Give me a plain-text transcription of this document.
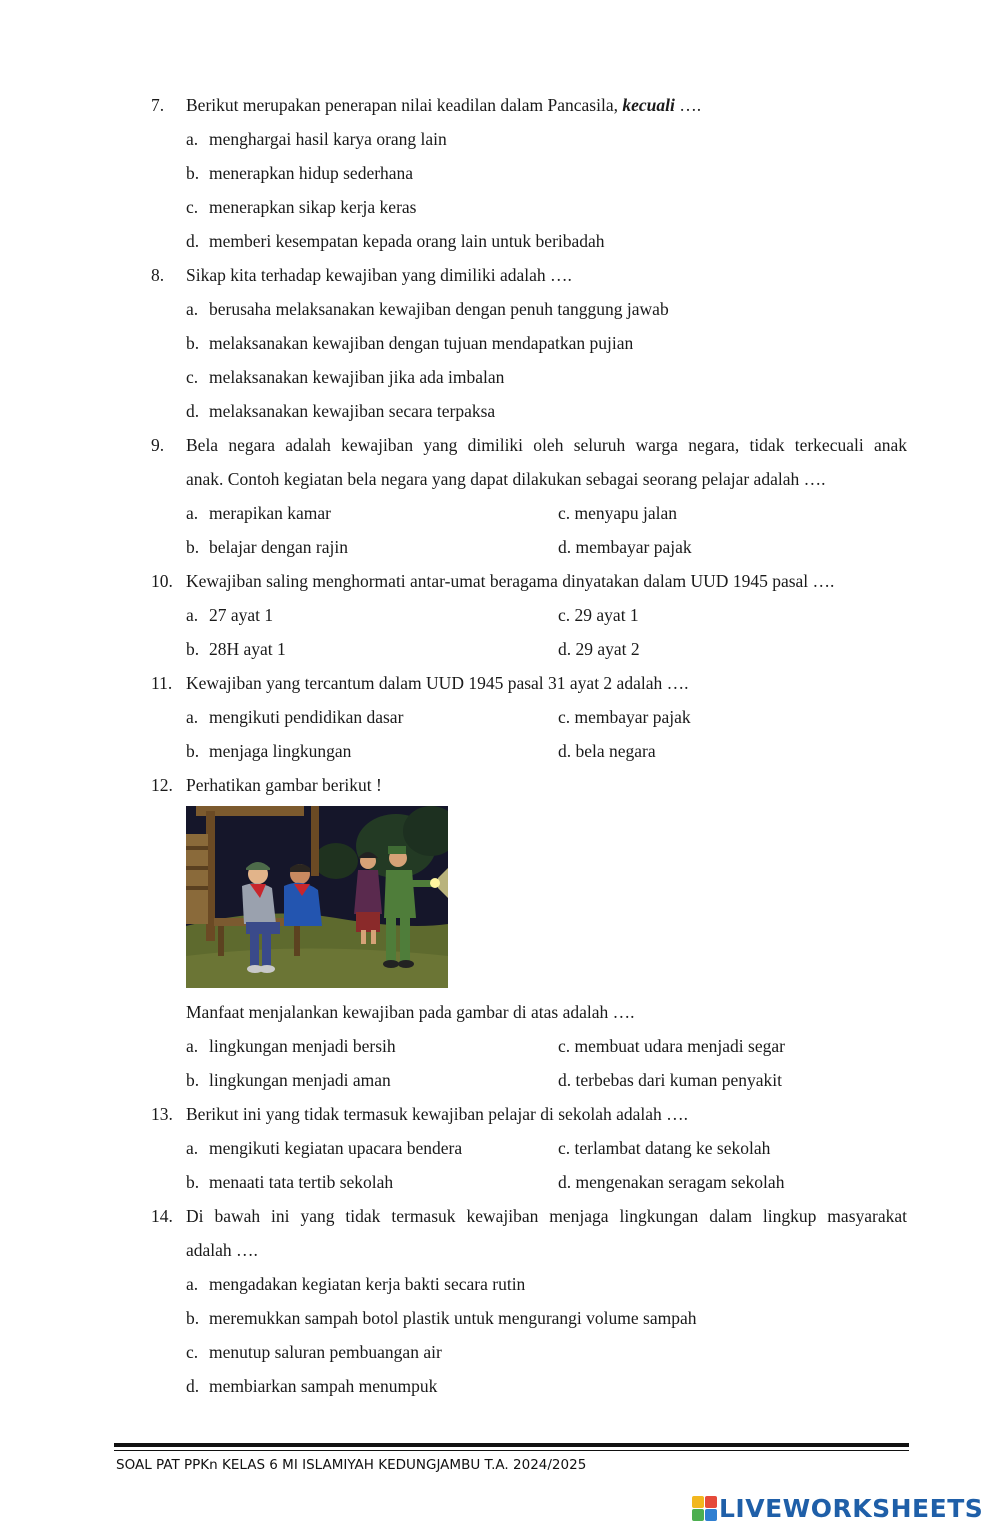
7. Berikut merupakan penerapan nilai keadilan dalam Pancasila, kecuali ….
a. menghargai hasil karya orang lain
b. menerapkan hidup sederhana
c. menerapkan sikap kerja keras
d. memberi kesempatan kepada orang lain untuk beribadah
8. Sikap kita terhadap kewajiban yang dimiliki adalah ….
a. berusaha melaksanakan kewajiban dengan penuh tanggung jawab
b. melaksanakan kewajiban dengan tujuan mendapatkan pujian
c. melaksanakan kewajiban jika ada imbalan
d. melaksanakan kewajiban secara terpaksa
9. Bela negara adalah kewajiban yang dimiliki oleh seluruh warga negara, tidak terkecuali anak
anak. Contoh kegiatan bela negara yang dapat dilakukan sebagai seorang pelajar adalah ….
a. merapikan kamar	c. menyapu jalan
b. belajar dengan rajin	d. membayar pajak
10. Kewajiban saling menghormati antar-umat beragama dinyatakan dalam UUD 1945 pasal ….
a. 27 ayat 1	c. 29 ayat 1
b. 28H ayat 1	d. 29 ayat 2
11. Kewajiban yang tercantum dalam UUD 1945 pasal 31 ayat 2 adalah ….
a. mengikuti pendidikan dasar	c. membayar pajak
b. menjaga lingkungan	d. bela negara
12. Perhatikan gambar berikut !
Manfaat menjalankan kewajiban pada gambar di atas adalah ….
a. lingkungan menjadi bersih	c. membuat udara menjadi segar
b. lingkungan menjadi aman	d. terbebas dari kuman penyakit
13. Berikut ini yang tidak termasuk kewajiban pelajar di sekolah adalah ….
a. mengikuti kegiatan upacara bendera	c. terlambat datang ke sekolah
b. menaati tata tertib sekolah	d. mengenakan seragam sekolah
14. Di bawah ini yang tidak termasuk kewajiban menjaga lingkungan dalam lingkup masyarakat
adalah ….
a. mengadakan kegiatan kerja bakti secara rutin
b. meremukkan sampah botol plastik untuk mengurangi volume sampah
c. menutup saluran pembuangan air
d. membiarkan sampah menumpuk
SOAL PAT PPKn KELAS 6 MI ISLAMIYAH KEDUNGJAMBU T.A. 2024/2025
LIVEWORKSHEETS
